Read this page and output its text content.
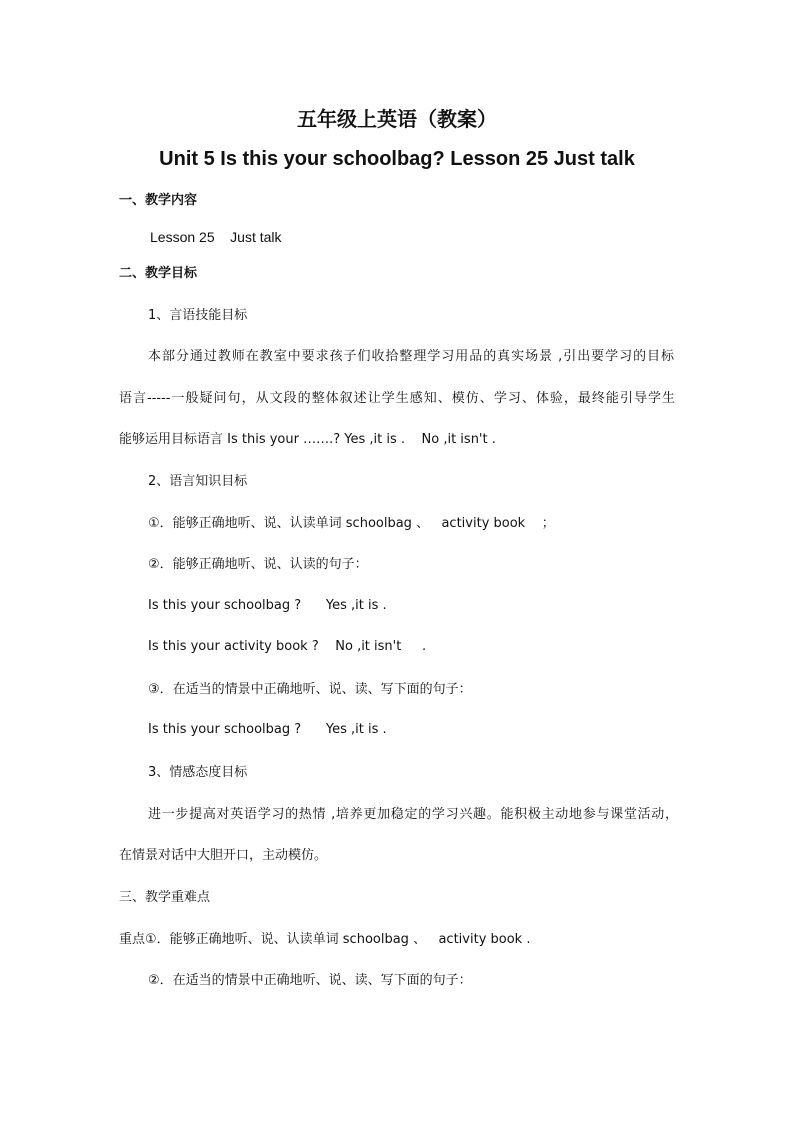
五年级上英语（教案）
Unit 5 Is this your schoolbag? Lesson 25 Just talk
一、教学内容
Lesson 25    Just talk
二、教学目标
1、言语技能目标
本部分通过教师在教室中要求孩子们收拾整理学习用品的真实场景 ,引出要学习的目标
语言-----一般疑问句，从文段的整体叙述让学生感知、模仿、学习、体验，最终能引导学生
能够运用目标语言 Is this your …….? Yes ,it is .    No ,it isn't .
2、语言知识目标
①．能够正确地听、说、认读单词 schoolbag 、   activity book    ；
②．能够正确地听、说、认读的句子：
Is this your schoolbag ?      Yes ,it is .
Is this your activity book ?    No ,it isn't     .
③．在适当的情景中正确地听、说、读、写下面的句子：
Is this your schoolbag ?      Yes ,it is .
3、情感态度目标
进一步提高对英语学习的热情 ,培养更加稳定的学习兴趣。能积极主动地参与课堂活动，
在情景对话中大胆开口，主动模仿。
三、教学重难点
重点①．能够正确地听、说、认读单词 schoolbag 、   activity book .
②．在适当的情景中正确地听、说、读、写下面的句子：
